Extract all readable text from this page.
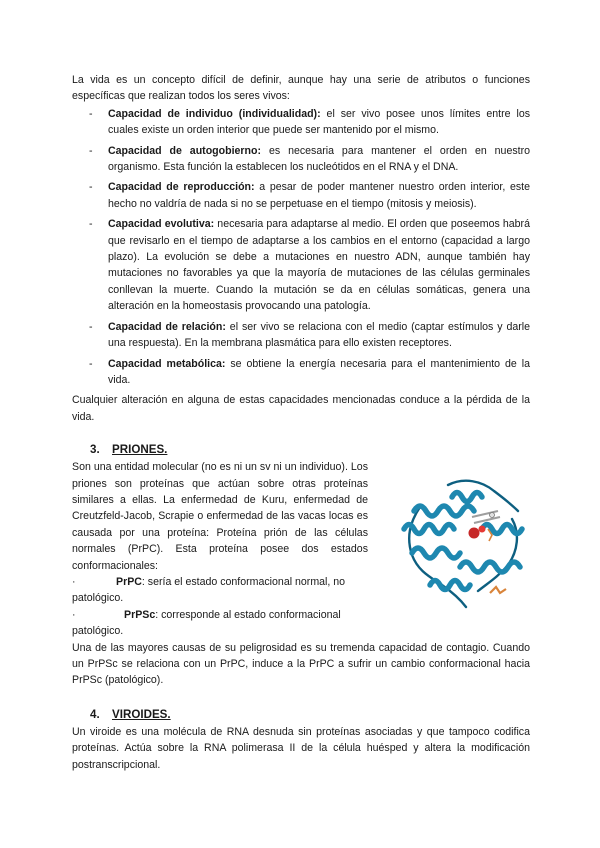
La vida es un concepto difícil de definir, aunque hay una serie de atributos o funciones específicas que realizan todos los seres vivos:

- Capacidad de individuo (individualidad): el ser vivo posee unos límites entre los cuales existe un orden interior que puede ser mantenido por el mismo.
- Capacidad de autogobierno: es necesaria para mantener el orden en nuestro organismo. Esta función la establecen los nucleótidos en el RNA y el DNA.
- Capacidad de reproducción: a pesar de poder mantener nuestro orden interior, este hecho no valdría de nada si no se perpetuase en el tiempo (mitosis y meiosis).
- Capacidad evolutiva: necesaria para adaptarse al medio. El orden que poseemos habrá que revisarlo en el tiempo de adaptarse a los cambios en el entorno (capacidad a largo plazo). La evolución se debe a mutaciones en nuestro ADN, aunque también hay mutaciones no favorables ya que la mayoría de mutaciones de las células germinales conllevan la muerte. Cuando la mutación se da en células somáticas, genera una alteración en la homeostasis provocando una patología.
- Capacidad de relación: el ser vivo se relaciona con el medio (captar estímulos y darle una respuesta). En la membrana plasmática para ello existen receptores.
- Capacidad metabólica: se obtiene la energía necesaria para el mantenimiento de la vida.

Cualquier alteración en alguna de estas capacidades mencionadas conduce a la pérdida de la vida.

3. PRIONES.

Son una entidad molecular (no es ni un sv ni un individuo). Los priones son proteínas que actúan sobre otras proteínas similares a ellas. La enfermedad de Kuru, enfermedad de Creutzfeld-Jacob, Scrapie o enfermedad de las vacas locas es causada por una proteína: Proteína prión de las células normales (PrPC). Esta proteína posee dos estados conformacionales:

·	PrPC: sería el estado conformacional normal, no patológico.
·	PrPSc: corresponde al estado conformacional patológico.

Una de las mayores causas de su peligrosidad es su tremenda capacidad de contagio. Cuando un PrPSc se relaciona con un PrPC, induce a la PrPC a sufrir un cambio conformacional hacia PrPSc (patológico).

4. VIROIDES.

Un viroide es una molécula de RNA desnuda sin proteínas asociadas y que tampoco codifica proteínas. Actúa sobre la RNA polimerasa II de la célula huésped y altera la modificación postranscripcional.
